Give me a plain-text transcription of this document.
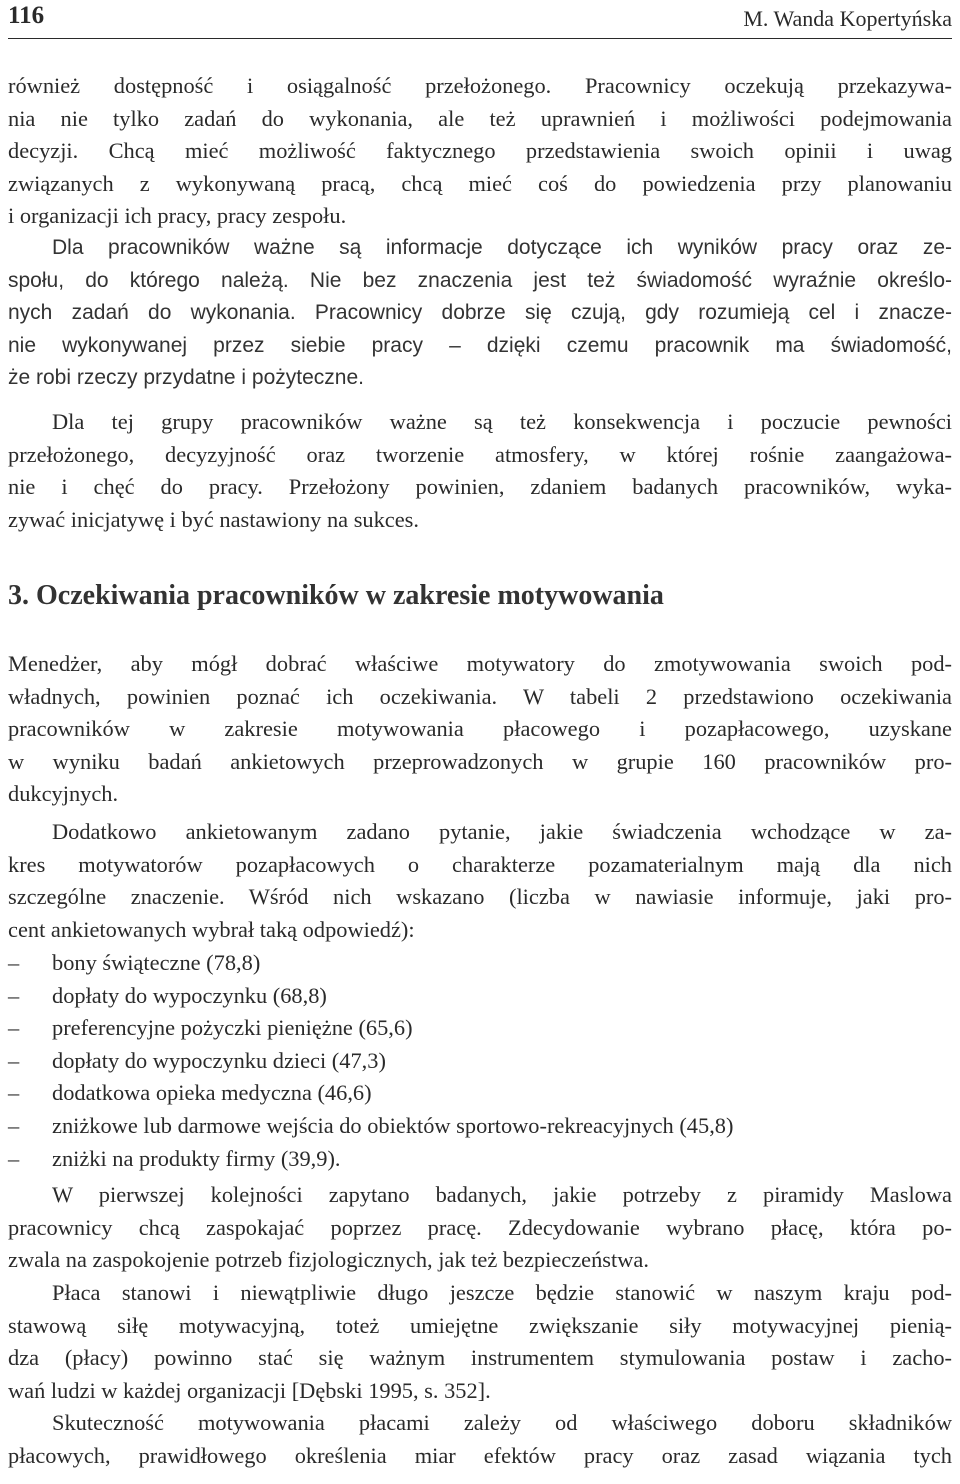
116	M. Wanda Kopertyńska
również dostępność i osiągalność przełożonego. Pracownicy oczekują przekazywa-
nia nie tylko zadań do wykonania, ale też uprawnień i możliwości podejmowania
decyzji. Chcą mieć możliwość faktycznego przedstawienia swoich opinii i uwag
związanych z wykonywaną pracą, chcą mieć coś do powiedzenia przy planowaniu
i organizacji ich pracy, pracy zespołu.
Dla pracowników ważne są informacje dotyczące ich wyników pracy oraz ze-
społu, do którego należą. Nie bez znaczenia jest też świadomość wyraźnie określo-
nych zadań do wykonania. Pracownicy dobrze się czują, gdy rozumieją cel i znacze-
nie wykonywanej przez siebie pracy – dzięki czemu pracownik ma świadomość,
że robi rzeczy przydatne i pożyteczne.
Dla tej grupy pracowników ważne są też konsekwencja i poczucie pewności
przełożonego, decyzyjność oraz tworzenie atmosfery, w której rośnie zaangażowa-
nie i chęć do pracy. Przełożony powinien, zdaniem badanych pracowników, wyka-
zywać inicjatywę i być nastawiony na sukces.
3. Oczekiwania pracowników w zakresie motywowania
Menedżer, aby mógł dobrać właściwe motywatory do zmotywowania swoich pod-
władnych, powinien poznać ich oczekiwania. W tabeli 2 przedstawiono oczekiwania
pracowników w zakresie motywowania płacowego i pozapłacowego, uzyskane
w wyniku badań ankietowych przeprowadzonych w grupie 160 pracowników pro-
dukcyjnych.
Dodatkowo ankietowanym zadano pytanie, jakie świadczenia wchodzące w za-
kres motywatorów pozapłacowych o charakterze pozamaterialnym mają dla nich
szczególne znaczenie. Wśród nich wskazano (liczba w nawiasie informuje, jaki pro-
cent ankietowanych wybrał taką odpowiedź):
– bony świąteczne (78,8)
– dopłaty do wypoczynku (68,8)
– preferencyjne pożyczki pieniężne (65,6)
– dopłaty do wypoczynku dzieci (47,3)
– dodatkowa opieka medyczna (46,6)
– zniżkowe lub darmowe wejścia do obiektów sportowo-rekreacyjnych (45,8)
– zniżki na produkty firmy (39,9).
W pierwszej kolejności zapytano badanych, jakie potrzeby z piramidy Maslowa
pracownicy chcą zaspokajać poprzez pracę. Zdecydowanie wybrano płacę, która po-
zwala na zaspokojenie potrzeb fizjologicznych, jak też bezpieczeństwa.
Płaca stanowi i niewątpliwie długo jeszcze będzie stanowić w naszym kraju pod-
stawową siłę motywacyjną, toteż umiejętne zwiększanie siły motywacyjnej pienią-
dza (płacy) powinno stać się ważnym instrumentem stymulowania postaw i zacho-
wań ludzi w każdej organizacji [Dębski 1995, s. 352].
Skuteczność motywowania płacami zależy od właściwego doboru składników
płacowych, prawidłowego określenia miar efektów pracy oraz zasad wiązania tych
